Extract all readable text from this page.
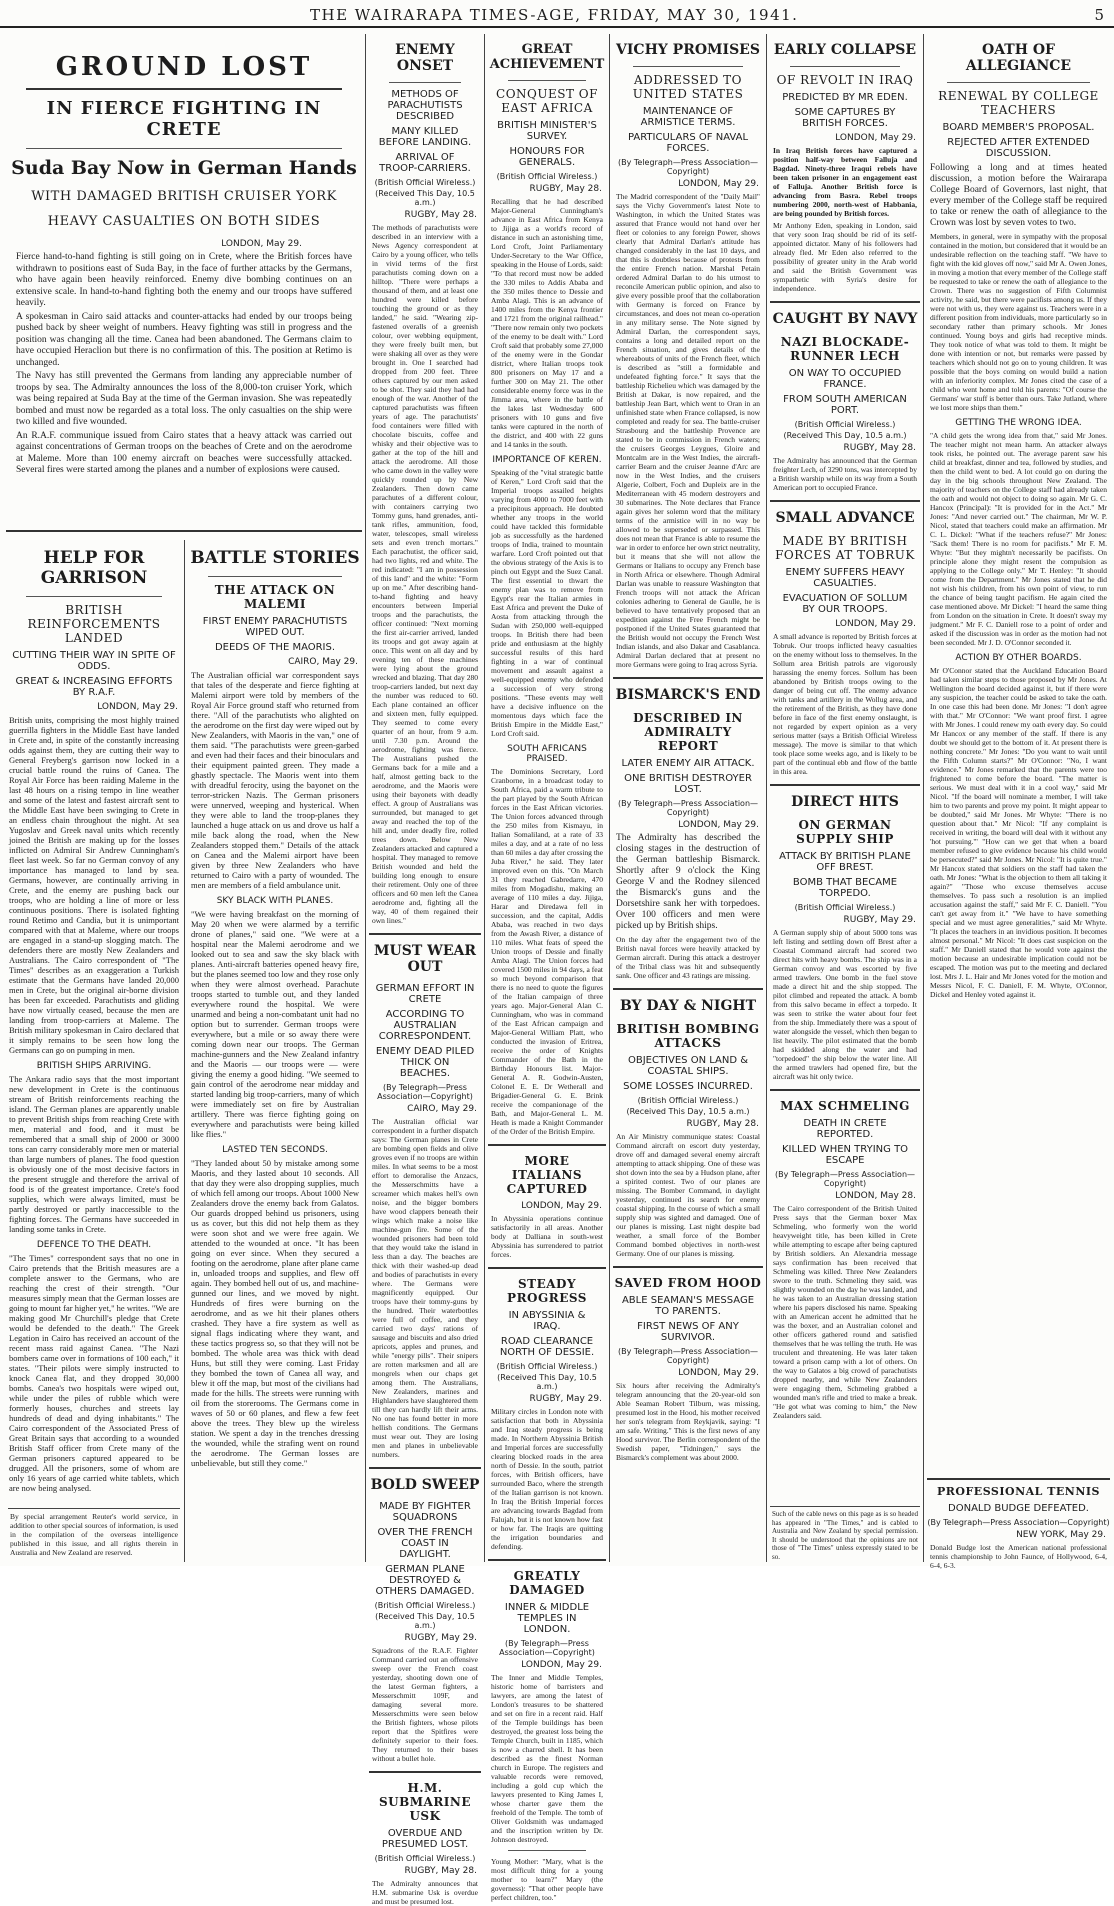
THE WAIRARAPA TIMES-AGE, FRIDAY, MAY 30, 1941.	5
GROUND LOST
IN FIERCE FIGHTING IN CRETE
Suda Bay Now in German Hands
WITH DAMAGED BRITISH CRUISER YORK
HEAVY CASUALTIES ON BOTH SIDES
LONDON, May 29.
Fierce hand-to-hand fighting is still going on in Crete, where the British forces have withdrawn to positions east of Suda Bay, in the face of further attacks by the Germans, who have again been heavily reinforced. Enemy dive bombing continues on an extensive scale. In hand-to-hand fighting both the enemy and our troops have suffered heavily.
A spokesman in Cairo said attacks and counter-attacks had ended by our troops being pushed back by sheer weight of numbers. Heavy fighting was still in progress and the position was changing all the time. Canea had been abandoned. The Germans claim to have occupied Heraclion but there is no confirmation of this. The position at Retimo is unchanged.
The Navy has still prevented the Germans from landing any appreciable number of troops by sea. The Admiralty announces the loss of the 8,000-ton cruiser York, which was being repaired at Suda Bay at the time of the German invasion. She was repeatedly bombed and must now be regarded as a total loss. The only casualties on the ship were two killed and five wounded.
An R.A.F. communique issued from Cairo states that a heavy attack was carried out against concentrations of German troops on the beaches of Crete and on the aerodrome at Maleme. More than 100 enemy aircraft on beaches were successfully attacked. Several fires were started among the planes and a number of explosions were caused.
HELP FOR GARRISON
BRITISH REINFORCEMENTS LANDED
CUTTING THEIR WAY IN SPITE OF ODDS.
GREAT & INCREASING EFFORTS BY R.A.F.
LONDON, May 29.
British units, comprising the most highly trained guerrilla fighters in the Middle East have landed in Crete and, in spite of the constantly increasing odds against them, they are cutting their way to General Freyberg's garrison now locked in a crucial battle round the ruins of Canea. The Royal Air Force has been raiding Maleme in the last 48 hours on a rising tempo in line weather and some of the latest and fastest aircraft sent to the Middle East have been swinging to Crete in an endless chain throughout the night. At sea Yugoslav and Greek naval units which recently joined the British are making up for the losses inflicted on Admiral Sir Andrew Cunningham's fleet last week. So far no German convoy of any importance has managed to land by sea. Germans, however, are continually arriving in Crete, and the enemy are pushing back our troops, who are holding a line of more or less continuous positions. There is isolated fighting round Retimo and Candia, but it is unimportant compared with that at Maleme, where our troops are engaged in a stand-up slogging match. The defenders there are mostly New Zealanders and Australians. The Cairo correspondent of "The Times" describes as an exaggeration a Turkish estimate that the Germans have landed 20,000 men in Crete, but the original air-borne division has been far exceeded. Parachutists and gliding have now virtually ceased, because the men are landing from troop-carriers at Maleme. The British military spokesman in Cairo declared that it simply remains to be seen how long the Germans can go on pumping in men.
BRITISH SHIPS ARRIVING.
The Ankara radio says that the most important new development in Crete is the continuous stream of British reinforcements reaching the island. The German planes are apparently unable to prevent British ships from reaching Crete with men, material and food, and it must be remembered that a small ship of 2000 or 3000 tons can carry considerably more men or material than large numbers of planes. The food question is obviously one of the most decisive factors in the present struggle and therefore the arrival of food is of the greatest importance. Crete's food supplies, which were always limited, must be partly destroyed or partly inaccessible to the fighting forces. The Germans have succeeded in landing some tanks in Crete.
DEFENCE TO THE DEATH.
"The Times" correspondent says that no one in Cairo pretends that the British measures are a complete answer to the Germans, who are reaching the crest of their strength. "Our measures simply mean that the German losses are going to mount far higher yet," he writes. "We are making good Mr Churchill's pledge that Crete would be defended to the death." The Greek Legation in Cairo has received an account of the recent mass raid against Canea. "The Nazi bombers came over in formations of 100 each," it states. "Their pilots were simply instructed to knock Canea flat, and they dropped 30,000 bombs. Canea's two hospitals were wiped out, while under the piles of rubble which were formerly houses, churches and streets lay hundreds of dead and dying inhabitants." The Cairo correspondent of the Associated Press of Great Britain says that according to a wounded British Staff officer from Crete many of the German prisoners captured appeared to be drugged. All the prisoners, some of whom are only 16 years of age carried white tablets, which are now being analysed.
By special arrangement Reuter's world service, in addition to other special sources of information, is used in the compilation of the overseas intelligence published in this issue, and all rights therein in Australia and New Zealand are reserved.
BATTLE STORIES
THE ATTACK ON MALEMI
FIRST ENEMY PARACHUTISTS WIPED OUT.
DEEDS OF THE MAORIS.
CAIRO, May 29.
The Australian official war correspondent says that tales of the desperate and fierce fighting at Malemi airport were told by members of the Royal Air Force ground staff who returned from there. "All of the parachutists who alighted on the aerodrome on the first day were wiped out by New Zealanders, with Maoris in the van," one of them said. "The parachutists were green-garbed and even had their faces and their binoculars and their equipment painted green. They made a ghastly spectacle. The Maoris went into them with dreadful ferocity, using the bayonet on the terror-stricken Nazis. The German prisoners were unnerved, weeping and hysterical. When they were able to land the troop-planes they launched a huge attack on us and drove us half a mile back along the road, when the New Zealanders stopped them." Details of the attack on Canea and the Malemi airport have been given by three New Zealanders who have returned to Cairo with a party of wounded. The men are members of a field ambulance unit.
SKY BLACK WITH PLANES.
"We were having breakfast on the morning of May 20 when we were alarmed by a terrific drone of planes," said one. "We were at a hospital near the Malemi aerodrome and we looked out to sea and saw the sky black with planes. Anti-aircraft batteries opened heavy fire, but the planes seemed too low and they rose only when they were almost overhead. Parachute troops started to tumble out, and they landed everywhere round the hospital. We were unarmed and being a non-combatant unit had no option but to surrender. German troops were everywhere, but a mile or so away there were coming down near our troops. The German machine-gunners and the New Zealand infantry and the Maoris — our troops were — were giving the enemy a good hiding. "We seemed to gain control of the aerodrome near midday and started landing big troop-carriers, many of which were immediately set on fire by Australian artillery. There was fierce fighting going on everywhere and parachutists were being killed like flies."
LASTED TEN SECONDS.
"They landed about 50 by mistake among some Maoris, and they lasted about 10 seconds. All that day they were also dropping supplies, much of which fell among our troops. About 1000 New Zealanders drove the enemy back from Galatos. Our guards dropped behind us prisoners, using us as cover, but this did not help them as they were soon shot and we were free again. We attended to the wounded at once. "It has been going on ever since. When they secured a footing on the aerodrome, plane after plane came in, unloaded troops and supplies, and flew off again. They bombed hell out of us, and machine-gunned our lines, and we moved by night. Hundreds of fires were burning on the aerodrome, and as we hit their planes others crashed. They have a fire system as well as signal flags indicating where they want, and these tactics progress so, so that they will not be bombed. The whole area was thick with dead Huns, but still they were coming. Last Friday they bombed the town of Canea all way, and blew it off the map, but most of the civilians had made for the hills. The streets were running with oil from the storerooms. The Germans come in waves of 50 or 60 planes, and flew a few feet above the trees. They blew up the wireless station. We spent a day in the trenches dressing the wounded, while the strafing went on round the aerodrome. The German losses are unbelievable, but still they come."
ENEMY ONSET
METHODS OF PARACHUTISTS DESCRIBED
MANY KILLED BEFORE LANDING.
ARRIVAL OF TROOP-CARRIERS.
(British Official Wireless.)
(Received This Day, 10.5 a.m.)
RUGBY, May 28.
The methods of parachutists were described in an interview with a News Agency correspondent at Cairo by a young officer, who tells in vivid terms of the first parachutists coming down on a hilltop. "There were perhaps a thousand of them, and at least one hundred were killed before touching the ground or as they landed," he said. "Wearing zip-fastened overalls of a greenish colour, over webbing equipment, they were freely built men, but were shaking all over as they were brought in. One I searched had dropped from 200 feet. Three others captured by our men asked to be shot. They said they had had enough of the war. Another of the captured parachutists was fifteen years of age. The parachutists' food containers were filled with chocolate biscuits, coffee and whisky and their objective was to gather at the top of the hill and attack the aerodrome. All those who came down in the valley were quickly rounded up by New Zealanders. Then down came parachutes of a different colour, with containers carrying two Tommy guns, hand grenades, anti-tank rifles, ammunition, food, water, telescopes, small wireless sets and even trench mortars." Each parachutist, the officer said, had two lights, red and white. The red indicated: "I am in possession of this land" and the white: "Form up on me." After describing hand-to-hand fighting and heavy encounters between Imperial troops and the parachutists, the officer continued: "Next morning the first air-carrier arrived, landed its troops and got away again at once. This went on all day and by evening ten of these machines were lying about the ground wrecked and blazing. That day 280 troop-carriers landed, but next day the number was reduced to 60. Each plane contained an officer and sixteen men, fully equipped. They seemed to come every quarter of an hour, from 9 a.m. until 7.30 p.m. Around the aerodrome, fighting was fierce. The Australians pushed the Germans back for a mile and a half, almost getting back to the aerodrome, and the Maoris were using their bayonets with deadly effect. A group of Australians was surrounded, but managed to get away and reached the top of the hill and, under deadly fire, rolled trees down. Below New Zealanders attacked and captured a hospital. They managed to remove British wounded and held the building long enough to ensure their retirement. Only one of three officers and 60 men left the Canea aerodrome and, fighting all the way, 40 of them regained their own lines."
MUST WEAR OUT
GERMAN EFFORT IN CRETE
ACCORDING TO AUSTRALIAN CORRESPONDENT.
ENEMY DEAD PILED THICK ON BEACHES.
(By Telegraph—Press Association—Copyright)
CAIRO, May 29.
The Australian official war correspondent in a further dispatch says: The German planes in Crete are bombing open fields and olive groves even if no troops are within miles. In what seems to be a most effort to demoralise the Anzacs, the Messerschmitts have a screamer which makes hell's own noise, and the bigger bombers have wood clappers beneath their wings which make a noise like machine-gun fire. Some of the wounded prisoners had been told that they would take the island in less than a day. The beaches are thick with their washed-up dead and bodies of parachutists in every where. The Germans were magnificently equipped. Our troops have their tommy-guns by the hundred. Their waterbottles were full of coffee, and they carried two days' rations of sausage and biscuits and also dried apricots, apples and prunes, and while "energy pills". Their snipers are rotten marksmen and all are mongrels when our chaps get among them. The Australians, New Zealanders, marines and Highlanders have slaughtered them till they can hardly lift their arms. No one has found better in more hellish conditions. The Germans must wear out. They are losing men and planes in unbelievable numbers.
BOLD SWEEP
MADE BY FIGHTER SQUADRONS
OVER THE FRENCH COAST IN DAYLIGHT.
GERMAN PLANE DESTROYED & OTHERS DAMAGED.
(British Official Wireless.)
(Received This Day, 10.5 a.m.)
RUGBY, May 29.
Squadrons of the R.A.F. Fighter Command carried out an offensive sweep over the French coast yesterday, shooting down one of the latest German fighters, a Messerschmitt 109F, and damaging several more. Messerschmitts were seen below the British fighters, whose pilots report that the Spitfires were definitely superior to their foes. They returned to their bases without a bullet hole.
H.M. SUBMARINE USK
OVERDUE AND PRESUMED LOST.
(British Official Wireless.)
RUGBY, May 28.
The Admiralty announces that H.M. submarine Usk is overdue and must be presumed lost.
GREAT ACHIEVEMENT
CONQUEST OF EAST AFRICA
BRITISH MINISTER'S SURVEY.
HONOURS FOR GENERALS.
(British Official Wireless.)
RUGBY, May 28.
Recalling that he had described Major-General Cunningham's advance in East Africa from Kenya to Jijiga as a world's record of distance in such an astonishing time, Lord Croft, Joint Parliamentary Under-Secretary to the War Office, speaking in the House of Lords, said: "To that record must now be added the 330 miles to Addis Ababa and the 350 miles thence to Dessie and Amba Alagi. This is an advance of 1400 miles from the Kenya frontier and 1721 from the original railhead." "There now remain only two pockets of the enemy to be dealt with." Lord Croft said that probably some 27,000 of the enemy were in the Gondar district, where Italian troops took 800 prisoners on May 17 and a further 300 on May 21. The other considerable enemy force was in the Jimma area, where in the battle of the lakes last Wednesday 600 prisoners with 10 guns and five tanks were captured in the north of the district, and 400 with 22 guns and 14 tanks in the south.
IMPORTANCE OF KEREN.
Speaking of the "vital strategic battle of Keren," Lord Croft said that the Imperial troops assailed heights varying from 4000 to 7000 feet with a precipitous approach. He doubted whether any troops in the world could have tackled this formidable job as successfully as the hardened troops of India, trained to mountain warfare. Lord Croft pointed out that the obvious strategy of the Axis is to pinch out Egypt and the Suez Canal. The first essential to thwart the enemy plan was to remove from Egypt's rear the Italian armies in East Africa and prevent the Duke of Aosta from attacking through the Sudan with 250,000 well-equipped troops. In British there had been pride and enthusiasm at the highly successful results of this hard fighting in a war of continual movement and assault against a well-equipped enemy who defended a succession of very strong positions. "These events may well have a decisive influence on the momentous days which face the British Empire in the Middle East," Lord Croft said.
SOUTH AFRICANS PRAISED.
The Dominions Secretary, Lord Cranborne, in a broadcast today to South Africa, paid a warm tribute to the part played by the South African forces in the East African victories. The Union forces advanced through the 250 miles from Kismayu, in Italian Somaliland, at a rate of 33 miles a day, and at a rate of no less than 60 miles a day after crossing the Juba River," he said. They later improved even on this. "On March 31 they reached Gabredarre, 470 miles from Mogadishu, making an average of 110 miles a day. Jijiga, Harar and Diredawa fell in succession, and the capital, Addis Ababa, was reached in two days from the Awash River, a distance of 110 miles. What feats of speed the Union troops of Dessie and finally Amba Alagi. The Union forces had covered 1500 miles in 94 days, a feat so much beyond comparison that there is no need to quote the figures of the Italian campaign of three years ago. Major-General Alan C. Cunningham, who was in command of the East African campaign and Major-General William Platt, who conducted the invasion of Eritrea, receive the order of Knights Commander of the Bath in the Birthday Honours list. Major-General A. R. Godwin-Austen, Colonel E. E. Dr Wetherall and Brigadier-General G. E. Brink receive the companionage of the Bath, and Major-General L. M. Heath is made a Knight Commander of the Order of the British Empire.
MORE ITALIANS CAPTURED
LONDON, May 29.
In Abyssinia operations continue satisfactorily in all areas. Another body at Dalliana in south-west Abyssinia has surrendered to patriot forces.
STEADY PROGRESS
IN ABYSSINIA & IRAQ.
ROAD CLEARANCE NORTH OF DESSIE.
(British Official Wireless.)
(Received This Day, 10.5 a.m.)
RUGBY, May 29.
Military circles in London note with satisfaction that both in Abyssinia and Iraq steady progress is being made. In Northern Abyssinia British and Imperial forces are successfully clearing blocked roads in the area north of Dessie. In the south, patriot forces, with British officers, have surrounded Baco, where the strength of the Italian garrison is not known. In Iraq the British Imperial forces are advancing towards Bagdad from Falujah, but it is not known how fast or how far. The Iraqis are quitting the irrigation boundaries and defending.
GREATLY DAMAGED
INNER & MIDDLE TEMPLES IN LONDON.
(By Telegraph—Press Association—Copyright)
LONDON, May 29.
The Inner and Middle Temples, historic home of barristers and lawyers, are among the latest of London's treasures to be shattered and set on fire in a recent raid. Half of the Temple buildings has been destroyed, the greatest loss being the Temple Church, built in 1185, which is now a charred shell. It has been described as the finest Norman church in Europe. The registers and valuable records were removed, including a gold cup which the lawyers presented to King James I, whose charter gave them the freehold of the Temple. The tomb of Oliver Goldsmith was undamaged and the inscription written by Dr. Johnson destroyed.
Young Mother: "Mary, what is the most difficult thing for a young mother to learn?" Mary (the governess): "That other people have perfect children, too."
VICHY PROMISES
ADDRESSED TO UNITED STATES
MAINTENANCE OF ARMISTICE TERMS.
PARTICULARS OF NAVAL FORCES.
(By Telegraph—Press Association—Copyright)
LONDON, May 29.
The Madrid correspondent of the "Daily Mail" says the Vichy Government's latest Note to Washington, in which the United States was assured that France would not hand over her fleet or colonies to any foreign Power, shows clearly that Admiral Darlan's attitude has changed considerably in the last 10 days, and that this is doubtless because of protests from the entire French nation. Marshal Petain ordered Admiral Darlan to do his utmost to reconcile American public opinion, and also to give every possible proof that the collaboration with Germany is forced on France by circumstances, and does not mean co-operation in any military sense. The Note signed by Admiral Darlan, the correspondent says, contains a long and detailed report on the French situation, and gives details of the whereabouts of units of the French fleet, which is described as "still a formidable and undefeated fighting force." It says that the battleship Richelieu which was damaged by the British at Dakar, is now repaired, and the battleship Jean Bart, which went to Oran in an unfinished state when France collapsed, is now completed and ready for sea. The battle-cruiser Strasbourg and the battleship Provence are stated to be in commission in French waters; the cruisers Georges Leygues, Gloire and Montcalm are in the West Indies, the aircraft-carrier Bearn and the cruiser Jeanne d'Arc are now in the West Indies, and the cruisers Algerie, Colbert, Foch and Dupleix are in the Mediterranean with 45 modern destroyers and 30 submarines. The Note declares that France again gives her solemn word that the military terms of the armistice will in no way be allowed to be superseded or surpassed. This does not mean that France is able to resume the war in order to enforce her own strict neutrality, but it means that she will not allow the Germans or Italians to occupy any French base in North Africa or elsewhere. Though Admiral Darlan was unable to reassure Washington that French troops will not attack the African colonies adhering to General de Gaulle, he is believed to have tentatively proposed that an expedition against the Free French might be postponed if the United States guaranteed that the British would not occupy the French West Indian islands, and also Dakar and Casablanca. Admiral Darlan declared that at present no more Germans were going to Iraq across Syria.
BISMARCK'S END
DESCRIBED IN ADMIRALTY REPORT
LATER ENEMY AIR ATTACK.
ONE BRITISH DESTROYER LOST.
(By Telegraph—Press Association—Copyright)
LONDON, May 29.
The Admiralty has described the closing stages in the destruction of the German battleship Bismarck. Shortly after 9 o'clock the King George V and the Rodney silenced the Bismarck's guns and the Dorsetshire sank her with torpedoes. Over 100 officers and men were picked up by British ships.
On the day after the engagement two of the British naval forces were heavily attacked by German aircraft. During this attack a destroyer of the Tribal class was hit and subsequently sank. One officer and 43 ratings are missing.
BY DAY & NIGHT
BRITISH BOMBING ATTACKS
OBJECTIVES ON LAND & COASTAL SHIPS.
SOME LOSSES INCURRED.
(British Official Wireless.)
(Received This Day, 10.5 a.m.)
RUGBY, May 28.
An Air Ministry communique states: Coastal Command aircraft on escort duty yesterday, drove off and damaged several enemy aircraft attempting to attack shipping. One of these was shot down into the sea by a Hudson plane, after a spirited contest. Two of our planes are missing. The Bomber Command, in daylight yesterday, continued its search for enemy coastal shipping. In the course of which a small supply ship was sighted and damaged. One of our planes is missing. Last night despite bad weather, a small force of the Bomber Command bombed objectives in north-west Germany. One of our planes is missing.
SAVED FROM HOOD
ABLE SEAMAN'S MESSAGE TO PARENTS.
FIRST NEWS OF ANY SURVIVOR.
(By Telegraph—Press Association—Copyright)
LONDON, May 29.
Six hours after receiving the Admiralty's telegram announcing that the 20-year-old son Able Seaman Robert Tilburn, was missing, presumed lost in the Hood, his mother received her son's telegram from Reykjavik, saying: "I am safe. Writing." This is the first news of any Hood survivor. The Berlin correspondent of the Swedish paper, "Tidningen," says the Bismarck's complement was about 2000.
EARLY COLLAPSE
OF REVOLT IN IRAQ
PREDICTED BY MR EDEN.
SOME CAPTURES BY BRITISH FORCES.
LONDON, May 29.
In Iraq British forces have captured a position half-way between Falluja and Bagdad. Ninety-three Iraqui rebels have been taken prisoner in an engagement east of Falluja. Another British force is advancing from Basra. Rebel troops numbering 2000, north-west of Habbania, are being pounded by British forces.
Mr Anthony Eden, speaking in London, said that very soon Iraq should be rid of its self-appointed dictator. Many of his followers had already fled. Mr Eden also referred to the possibility of greater unity in the Arab world and said the British Government was sympathetic with Syria's desire for independence.
CAUGHT BY NAVY
NAZI BLOCKADE-RUNNER LECH
ON WAY TO OCCUPIED FRANCE.
FROM SOUTH AMERICAN PORT.
(British Official Wireless.)
(Received This Day, 10.5 a.m.)
RUGBY, May 28.
The Admiralty has announced that the German freighter Lech, of 3290 tons, was intercepted by a British warship while on its way from a South American port to occupied France.
SMALL ADVANCE
MADE BY BRITISH FORCES AT TOBRUK
ENEMY SUFFERS HEAVY CASUALTIES.
EVACUATION OF SOLLUM BY OUR TROOPS.
LONDON, May 29.
A small advance is reported by British forces at Tobruk. Our troops inflicted heavy casualties on the enemy without loss to themselves. In the Sollum area British patrols are vigorously harassing the enemy forces. Sollum has been abandoned by British troops owing to the danger of being cut off. The enemy advance with tanks and artillery in the Wollug area, and the retirement of the British, as they have done before in face of the first enemy onslaught, is not regarded by expert opinion as a very serious matter (says a British Official Wireless message). The move is similar to that which took place some weeks ago, and is likely to be part of the continual ebb and flow of the battle in this area.
DIRECT HITS
ON GERMAN SUPPLY SHIP
ATTACK BY BRITISH PLANE OFF BREST.
BOMB THAT BECAME TORPEDO.
(British Official Wireless.)
RUGBY, May 29.
A German supply ship of about 5000 tons was left listing and settling down off Brest after a Coastal Command aircraft had scored two direct hits with heavy bombs. The ship was in a German convoy and was escorted by five armed trawlers. One bomb in the fuel stove made a direct hit and the ship stopped. The pilot climbed and repeated the attack. A bomb from this salvo became in effect a torpedo. It was seen to strike the water about four feet from the ship. Immediately there was a spout of water alongside the vessel, which then began to list heavily. The pilot estimated that the bomb had skidded along the water and had "torpedoed" the ship below the water line. All the armed trawlers had opened fire, but the aircraft was hit only twice.
MAX SCHMELING
DEATH IN CRETE REPORTED.
KILLED WHEN TRYING TO ESCAPE
(By Telegraph—Press Association—Copyright)
LONDON, May 28.
The Cairo correspondent of the British United Press says that the German boxer Max Schmeling, who formerly won the world heavyweight title, has been killed in Crete while attempting to escape after being captured by British soldiers. An Alexandria message says confirmation has been received that Schmeling was killed. Three New Zealanders swore to the truth. Schmeling they said, was slightly wounded on the day he was landed, and he was taken to an Australian dressing station where his papers disclosed his name. Speaking with an American accent he admitted that he was the boxer, and an Australian colonel and other officers gathered round and satisfied themselves that he was telling the truth. He was truculent and threatening. He was later taken toward a prison camp with a lot of others. On the way to Galatos a big crowd of parachutists dropped nearby, and while New Zealanders were engaging them, Schmeling grabbed a wounded man's rifle and tried to make a break. "He got what was coming to him," the New Zealanders said.
Such of the cable news on this page as is so headed has appeared in "The Times," and is cabled to Australia and New Zealand by special permission. It should be understood that the opinions are not those of "The Times" unless expressly stated to be so.
OATH OF ALLEGIANCE
RENEWAL BY COLLEGE TEACHERS
BOARD MEMBER'S PROPOSAL.
REJECTED AFTER EXTENDED DISCUSSION.
Following a long and at times heated discussion, a motion before the Wairarapa College Board of Governors, last night, that every member of the College staff be required to take or renew the oath of allegiance to the Crown was lost by seven votes to two.
Members, in general, were in sympathy with the proposal contained in the motion, but considered that it would be an undesirable reflection on the teaching staff. "We have to fight with the kid gloves off now," said Mr A. Owen Jones, in moving a motion that every member of the College staff be requested to take or renew the oath of allegiance to the Crown. There was no suggestion of Fifth Columnist activity, he said, but there were pacifists among us. If they were not with us, they were against us. Teachers were in a different position from individuals, more particularly so in secondary rather than primary schools. Mr Jones continued. Young boys and girls had receptive minds. They took notice of what was told to them. It might be done with intention or not, but remarks were passed by teachers which should not go on to young children. It was possible that the boys coming on would build a nation with an inferiority complex. Mr Jones cited the case of a child who went home and told his parents: "Of course the Germans' war stuff is better than ours. Take Jutland, where we lost more ships than them."
GETTING THE WRONG IDEA.
"A child gets the wrong idea from that," said Mr Jones. The teacher might not mean harm. An attacker always took risks, he pointed out. The average parent saw his child at breakfast, dinner and tea, followed by studies, and then the child went to bed. A lot could go on during the day in the big schools throughout New Zealand. The majority of teachers on the College staff had already taken the oath and would not object to doing so again. Mr G. C. Hancox (Principal): "It is provided for in the Act." Mr Jones: "And never carried out." The chairman, Mr W. P. Nicol, stated that teachers could make an affirmation. Mr C. L. Dickel: "What if the teachers refuse?" Mr Jones: "Sack them! There is no room for pacifists." Mr F. M. Whyte: "But they mightn't necessarily be pacifists. On principle alone they might resent the compulsion as applying to the College only." Mr T. Henley: "It should come from the Department." Mr Jones stated that he did not wish his children, from his own point of view, to run the chance of being taught pacifism. He again cited the case mentioned above. Mr Dickel: "I heard the same thing from London on the situation in Crete. It doesn't sway my judgment." Mr F. C. Daniell rose to a point of order and asked if the discussion was in order as the motion had not been seconded. Mr J. D. O'Connor seconded it.
ACTION BY OTHER BOARDS.
Mr O'Connor stated that the Auckland Education Board had taken similar steps to those proposed by Mr Jones. At Wellington the board decided against it, but if there were any suspicion, the teacher could be asked to take the oath. In one case this had been done. Mr Jones: "I don't agree with that." Mr O'Connor: "We want proof first. I agree with Mr Jones. I could renew my oath every day. So could Mr Hancox or any member of the staff. If there is any doubt we should get to the bottom of it. At present there is nothing concrete." Mr Jones: "Do you want to wait until the Fifth Column starts?" Mr O'Connor: "No, I want evidence." Mr Jones remarked that the parents were too frightened to come before the board. "The matter is serious. We must deal with it in a cool way," said Mr Nicol. "If the board will nominate a member, I will take him to two parents and prove my point. It might appear to be doubted," said Mr Jones. Mr Whyte: "There is no question about that." Mr Nicol: "If any complaint is received in writing, the board will deal with it without any 'hot pursuing.'" "How can we get that when a board member refused to give evidence because his child would be persecuted?" said Mr Jones. Mr Nicol: "It is quite true." Mr Hancox stated that soldiers on the staff had taken the oath. Mr Jones: "What is the objection to them all taking it again?" "Those who excuse themselves accuse themselves. To pass such a resolution is an implied accusation against the staff," said Mr F. C. Daniell. "You can't get away from it." "We have to have something special and we must agree generalities," said Mr Whyte. "It places the teachers in an invidious position. It becomes almost personal." Mr Nicol: "It does cast suspicion on the staff." Mr Daniell stated that he would vote against the motion because an undesirable implication could not be escaped. The motion was put to the meeting and declared lost. Mrs J. L. Hair and Mr Jones voted for the motion and Messrs Nicol, F. C. Daniell, F. M. Whyte, O'Connor, Dickel and Henley voted against it.
PROFESSIONAL TENNIS
DONALD BUDGE DEFEATED.
(By Telegraph—Press Association—Copyright)
NEW YORK, May 29.
Donald Budge lost the American national professional tennis championship to John Faunce, of Hollywood, 6-4, 6-4, 6-3.
